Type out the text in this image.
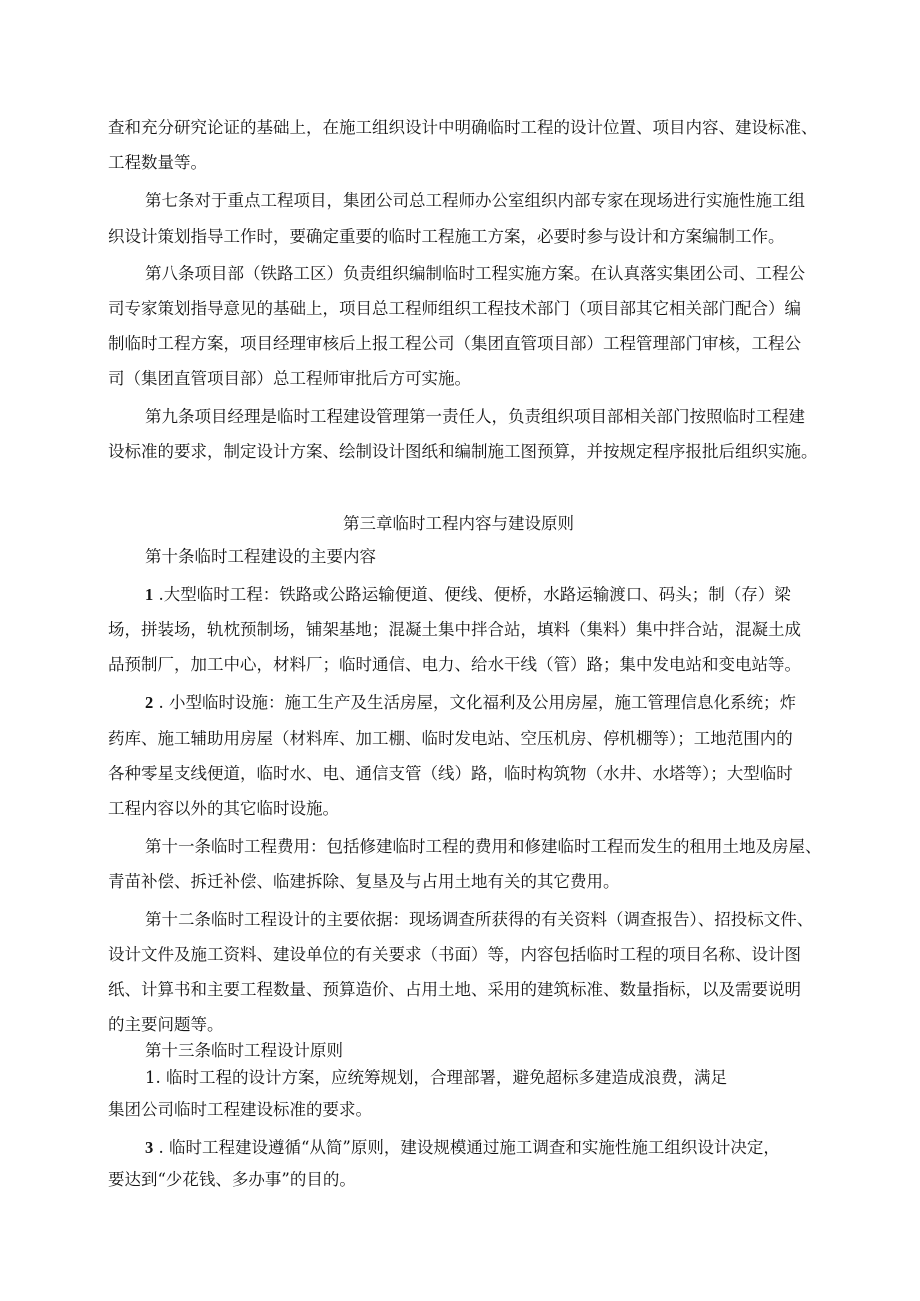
查和充分研究论证的基础上，在施工组织设计中明确临时工程的设计位置、项目内容、建设标准、
工程数量等。
第七条对于重点工程项目，集团公司总工程师办公室组织内部专家在现场进行实施性施工组
织设计策划指导工作时，要确定重要的临时工程施工方案，必要时参与设计和方案编制工作。
第八条项目部（铁路工区）负责组织编制临时工程实施方案。在认真落实集团公司、工程公
司专家策划指导意见的基础上，项目总工程师组织工程技术部门（项目部其它相关部门配合）编
制临时工程方案，项目经理审核后上报工程公司（集团直管项目部）工程管理部门审核，工程公
司（集团直管项目部）总工程师审批后方可实施。
第九条项目经理是临时工程建设管理第一责任人，负责组织项目部相关部门按照临时工程建
设标准的要求，制定设计方案、绘制设计图纸和编制施工图预算，并按规定程序报批后组织实施。
第三章临时工程内容与建设原则
第十条临时工程建设的主要内容
1 .大型临时工程：铁路或公路运输便道、便线、便桥，水路运输渡口、码头；制（存）梁
场，拼装场，轨枕预制场，铺架基地；混凝土集中拌合站，填料（集料）集中拌合站，混凝土成
品预制厂，加工中心，材料厂；临时通信、电力、给水干线（管）路；集中发电站和变电站等。
2 . 小型临时设施：施工生产及生活房屋，文化福利及公用房屋，施工管理信息化系统；炸
药库、施工辅助用房屋（材料库、加工棚、临时发电站、空压机房、停机棚等）；工地范围内的
各种零星支线便道，临时水、电、通信支管（线）路，临时构筑物（水井、水塔等）；大型临时
工程内容以外的其它临时设施。
第十一条临时工程费用：包括修建临时工程的费用和修建临时工程而发生的租用土地及房屋、
青苗补偿、拆迁补偿、临建拆除、复垦及与占用土地有关的其它费用。
第十二条临时工程设计的主要依据：现场调查所获得的有关资料（调查报告）、招投标文件、
设计文件及施工资料、建设单位的有关要求（书面）等，内容包括临时工程的项目名称、设计图
纸、计算书和主要工程数量、预算造价、占用土地、采用的建筑标准、数量指标，以及需要说明
的主要问题等。
第十三条临时工程设计原则
1. 临时工程的设计方案，应统筹规划，合理部署，避免超标多建造成浪费，满足
集团公司临时工程建设标准的要求。
3 . 临时工程建设遵循“从简”原则，建设规模通过施工调查和实施性施工组织设计决定，
要达到“少花钱、多办事”的目的。
